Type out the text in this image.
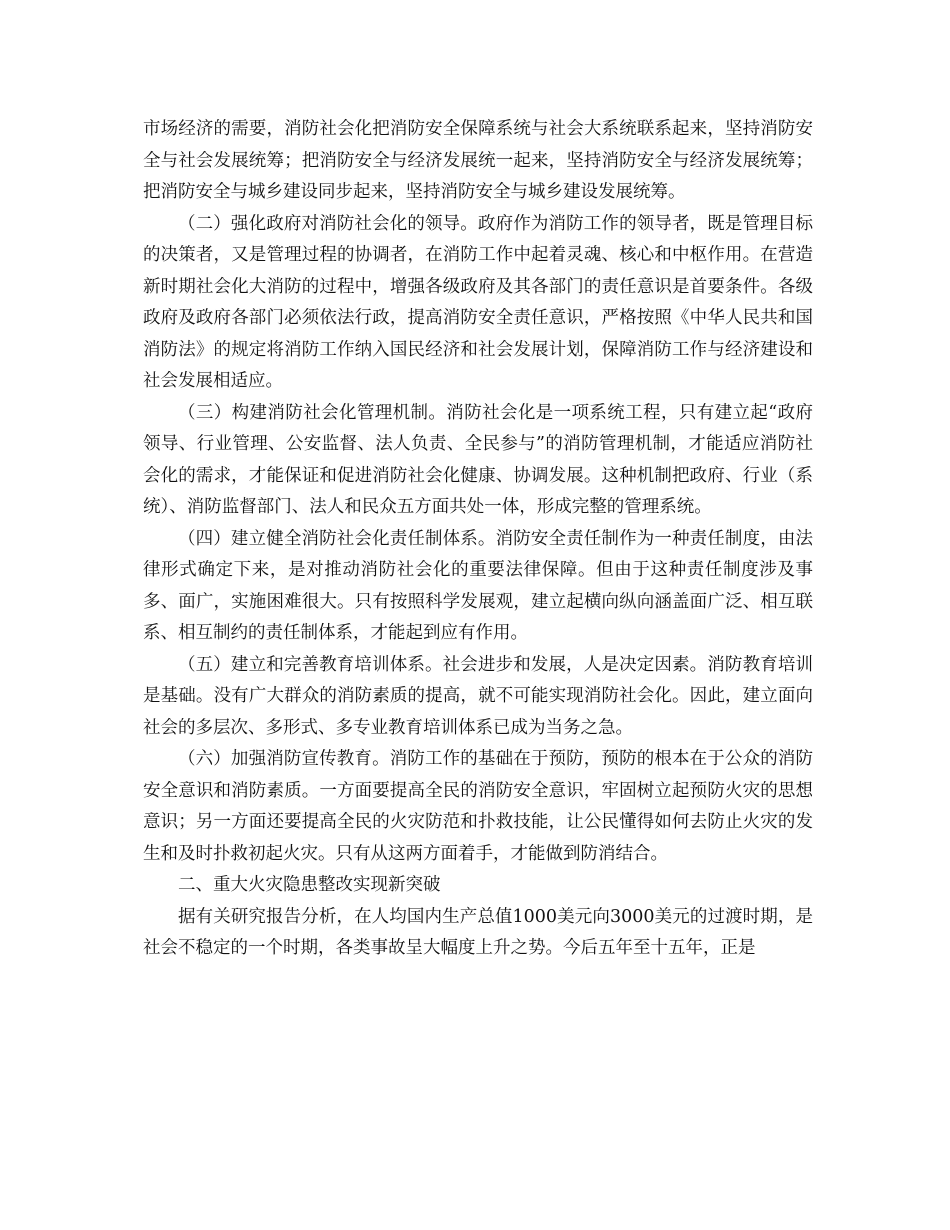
市场经济的需要，消防社会化把消防安全保障系统与社会大系统联系起来，坚持消防安全与社会发展统筹；把消防安全与经济发展统一起来，坚持消防安全与经济发展统筹；把消防安全与城乡建设同步起来，坚持消防安全与城乡建设发展统筹。

（二）强化政府对消防社会化的领导。政府作为消防工作的领导者，既是管理目标的决策者，又是管理过程的协调者，在消防工作中起着灵魂、核心和中枢作用。在营造新时期社会化大消防的过程中，增强各级政府及其各部门的责任意识是首要条件。各级政府及政府各部门必须依法行政，提高消防安全责任意识，严格按照《中华人民共和国消防法》的规定将消防工作纳入国民经济和社会发展计划，保障消防工作与经济建设和社会发展相适应。

（三）构建消防社会化管理机制。消防社会化是一项系统工程，只有建立起“政府领导、行业管理、公安监督、法人负责、全民参与”的消防管理机制，才能适应消防社会化的需求，才能保证和促进消防社会化健康、协调发展。这种机制把政府、行业（系统）、消防监督部门、法人和民众五方面共处一体，形成完整的管理系统。

（四）建立健全消防社会化责任制体系。消防安全责任制作为一种责任制度，由法律形式确定下来，是对推动消防社会化的重要法律保障。但由于这种责任制度涉及事多、面广，实施困难很大。只有按照科学发展观，建立起横向纵向涵盖面广泛、相互联系、相互制约的责任制体系，才能起到应有作用。

（五）建立和完善教育培训体系。社会进步和发展，人是决定因素。消防教育培训是基础。没有广大群众的消防素质的提高，就不可能实现消防社会化。因此，建立面向社会的多层次、多形式、多专业教育培训体系已成为当务之急。

（六）加强消防宣传教育。消防工作的基础在于预防，预防的根本在于公众的消防安全意识和消防素质。一方面要提高全民的消防安全意识，牢固树立起预防火灾的思想意识；另一方面还要提高全民的火灾防范和扑救技能，让公民懂得如何去防止火灾的发生和及时扑救初起火灾。只有从这两方面着手，才能做到防消结合。

二、重大火灾隐患整改实现新突破

据有关研究报告分析，在人均国内生产总值1000美元向3000美元的过渡时期，是社会不稳定的一个时期，各类事故呈大幅度上升之势。今后五年至十五年，正是
